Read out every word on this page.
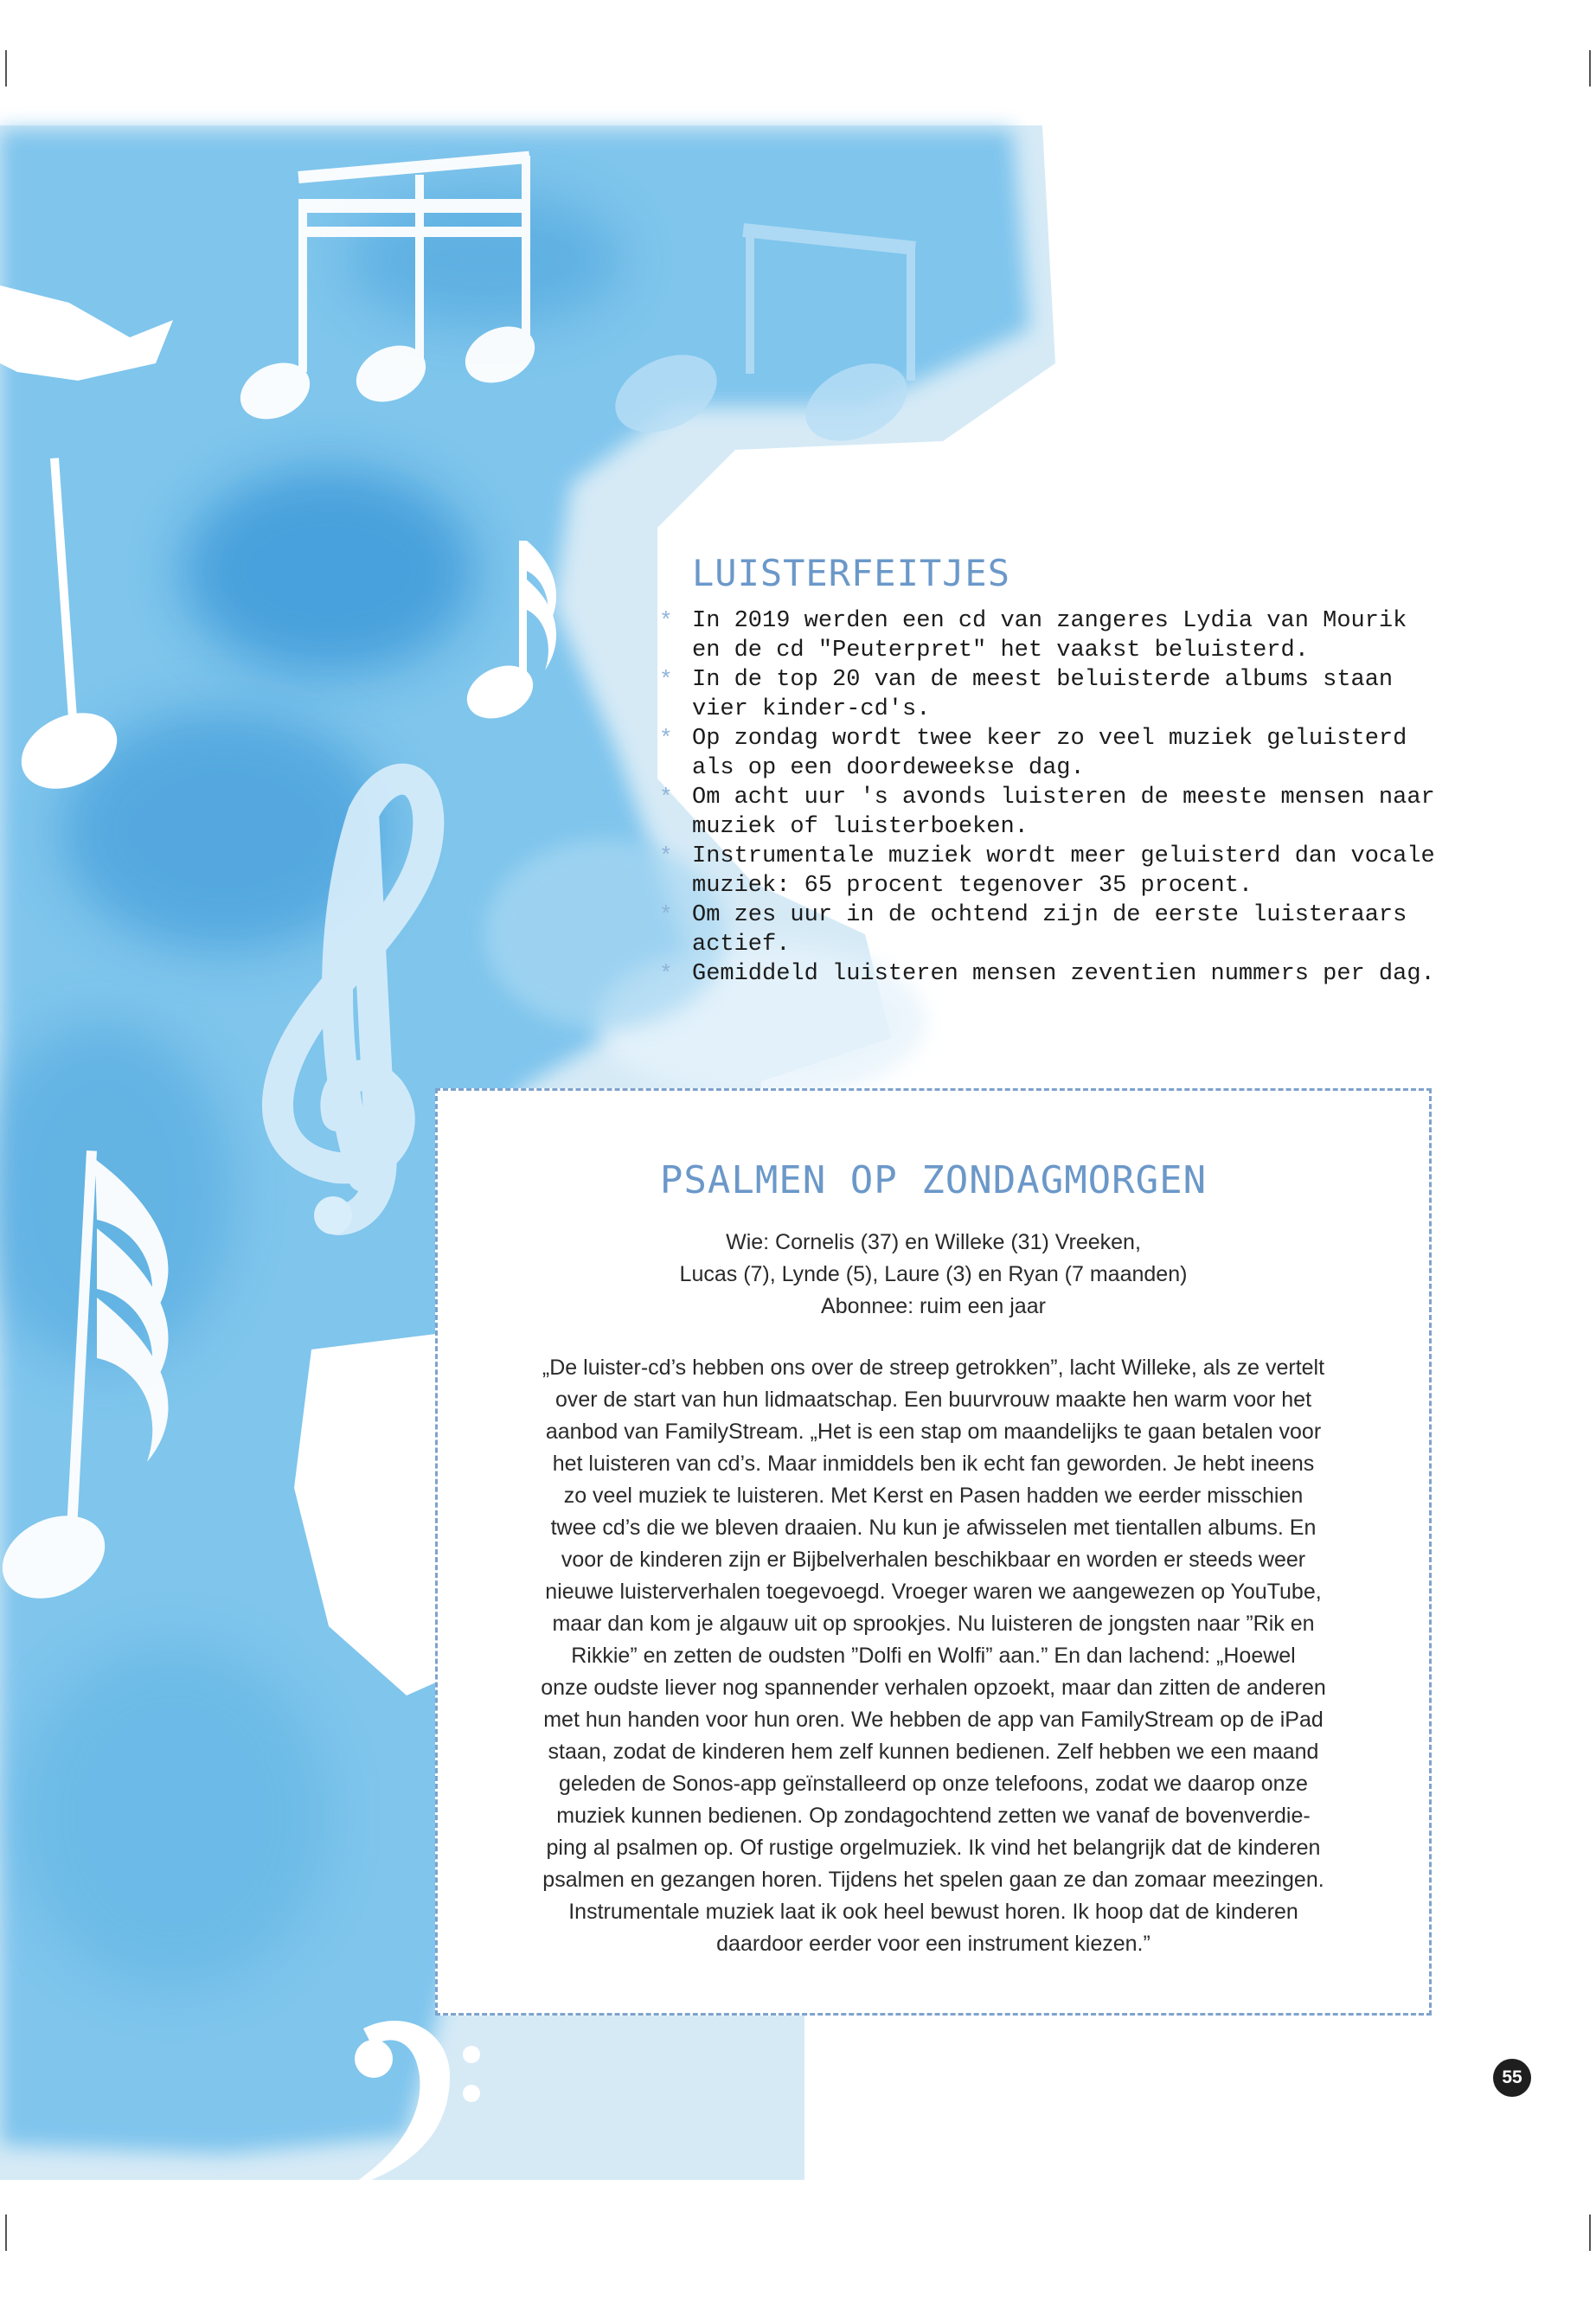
LUISTERFEITJES
* In 2019 werden een cd van zangeres Lydia van Mourik
en de cd "Peuterpret" het vaakst beluisterd.
* In de top 20 van de meest beluisterde albums staan
vier kinder-cd's.
* Op zondag wordt twee keer zo veel muziek geluisterd
als op een doordeweekse dag.
* Om acht uur 's avonds luisteren de meeste mensen naar
muziek of luisterboeken.
* Instrumentale muziek wordt meer geluisterd dan vocale
muziek: 65 procent tegenover 35 procent.
* Om zes uur in de ochtend zijn de eerste luisteraars
actief.
* Gemiddeld luisteren mensen zeventien nummers per dag.
PSALMEN OP ZONDAGMORGEN
Wie: Cornelis (37) en Willeke (31) Vreeken,
Lucas (7), Lynde (5), Laure (3) en Ryan (7 maanden)
Abonnee: ruim een jaar
„De luister-cd’s hebben ons over de streep getrokken”, lacht Willeke, als ze vertelt
over de start van hun lidmaatschap. Een buurvrouw maakte hen warm voor het
aanbod van FamilyStream. „Het is een stap om maandelijks te gaan betalen voor
het luisteren van cd’s. Maar inmiddels ben ik echt fan geworden. Je hebt ineens
zo veel muziek te luisteren. Met Kerst en Pasen hadden we eerder misschien
twee cd’s die we bleven draaien. Nu kun je afwisselen met tientallen albums. En
voor de kinderen zijn er Bijbelverhalen beschikbaar en worden er steeds weer
nieuwe luisterverhalen toegevoegd. Vroeger waren we aangewezen op YouTube,
maar dan kom je algauw uit op sprookjes. Nu luisteren de jongsten naar ”Rik en
Rikkie” en zetten de oudsten ”Dolfi en Wolfi” aan.” En dan lachend: „Hoewel
onze oudste liever nog spannender verhalen opzoekt, maar dan zitten de anderen
met hun handen voor hun oren. We hebben de app van FamilyStream op de iPad
staan, zodat de kinderen hem zelf kunnen bedienen. Zelf hebben we een maand
geleden de Sonos-app geïnstalleerd op onze telefoons, zodat we daarop onze
muziek kunnen bedienen. Op zondagochtend zetten we vanaf de bovenverdie-
ping al psalmen op. Of rustige orgelmuziek. Ik vind het belangrijk dat de kinderen
psalmen en gezangen horen. Tijdens het spelen gaan ze dan zomaar meezingen.
Instrumentale muziek laat ik ook heel bewust horen. Ik hoop dat de kinderen
daardoor eerder voor een instrument kiezen.”
55
